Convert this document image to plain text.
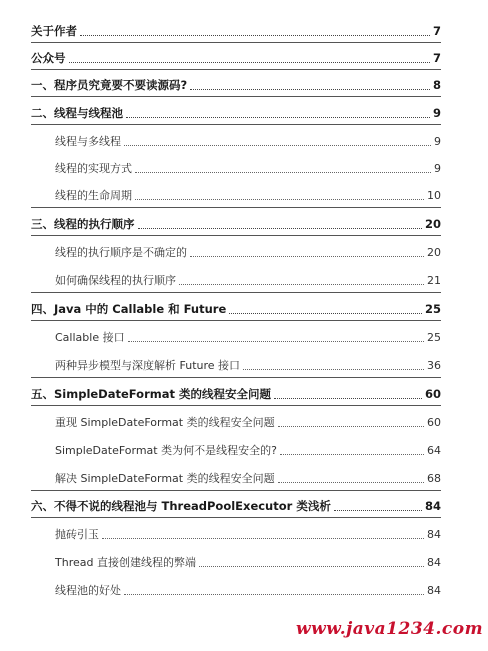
关于作者	7
公众号	7
一、程序员究竟要不要读源码?	8
二、线程与线程池	9
线程与多线程	9
线程的实现方式	9
线程的生命周期	10
三、线程的执行顺序	20
线程的执行顺序是不确定的	20
如何确保线程的执行顺序	21
四、Java 中的 Callable 和 Future	25
Callable 接口	25
两种异步模型与深度解析 Future 接口	36
五、SimpleDateFormat 类的线程安全问题	60
重现 SimpleDateFormat 类的线程安全问题	60
SimpleDateFormat 类为何不是线程安全的?	64
解决 SimpleDateFormat 类的线程安全问题	68
六、不得不说的线程池与 ThreadPoolExecutor 类浅析	84
抛砖引玉	84
Thread 直接创建线程的弊端	84
线程池的好处	84
www.java1234.com
